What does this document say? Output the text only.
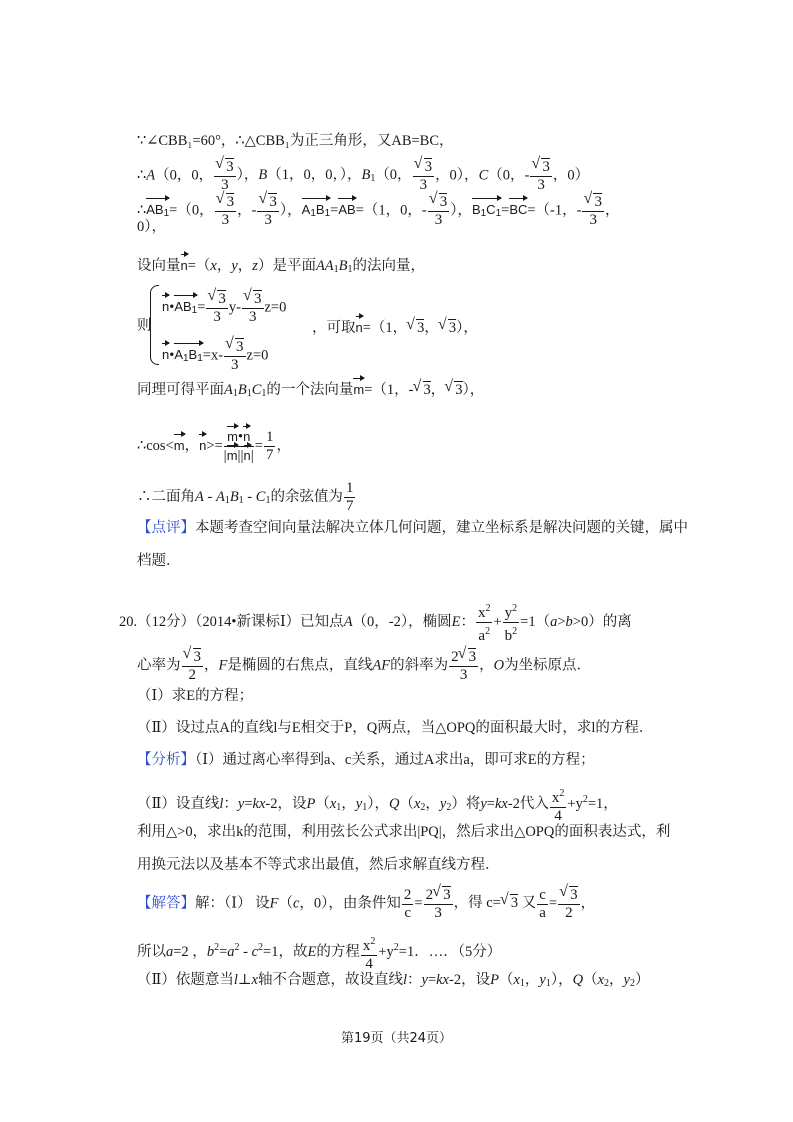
∵∠CBB₁=60°，∴△CBB₁为正三角形，又AB=BC，
∴A（0，0， √ $\frac{3}{3}$ ），B（1，0，0，），$B_1(0$， √ $\frac{3}{3}$ ，0），C（0，- √ $\frac{3}{3}$ ，0）
$\therefore AB_1=(0$， √ $\frac{3}{3}$ ，- √ $\frac{3}{3}$ ），$A_1B_1=AB=(1$，0，- √ $\frac{3}{3}$ ），$B_1C_1=BC=(-1$，- √ $\frac{3}{3}$ ，
0），
设向量n=（x，y，z）是平面$AA_1B_1$的法向量，
则
$n•AB_1=$ √ $\frac{3}{3} y-$ √ $\frac{3}{3} z=0$
$n•A_1B_1=x-$ √ $\frac{3}{3} z=0$
，可取n=（1， √ 3， √ 3），
同理可得平面$A_1B_1C_1$的一个法向量m=（1，- √ 3， √ 3），
∴cos<m，$n>= \frac{m•n}{|m||n|} = \frac{1}{7}$ ，
∴二面角A - $A_1B_1 - C_1$的余弦值为 $\frac{1}{7}$
【点评】本题考查空间向量法解决立体几何问题，建立坐标系是解决问题的关键，属中
档题．
20.（12分）（2014•新课标Ⅰ）已知点A（0，-2），椭圆E： $\frac{x^2}{a^2} + \frac{y^2}{b^2} =1(a>b>0)$的离
心率为 √ $\frac{3}{2}$ ，F是椭圆的右焦点，直线AF的斜率为 $\frac{2 √ 3}{3}$ ，O为坐标原点．
（Ⅰ）求E的方程；
（Ⅱ）设过点A的直线l与E相交于P，Q两点，当△OPQ的面积最大时，求l的方程．
【分析】（Ⅰ）通过离心率得到a、c关系，通过A求出a，即可求E的方程；
（Ⅱ）设直线l：y=kx-2，设$P(x_1$，$y_1$），$Q(x_2$，$y_2$）将y=kx-2代入 $\frac{x^2}{4} +y^2=1$，
利用△>0，求出k的范围，利用弦长公式求出|PQ|，然后求出△OPQ的面积表达式，利
用换元法以及基本不等式求出最值，然后求解直线方程．
【解答】解：（Ⅰ） 设F（c，0），由条件知 $\frac{2}{c} = \frac{2 √ 3}{3}$ ，得 c= √ 3 又 $\frac{c}{a}$ = √ $\frac{3}{2}$ ，
所以a=2 ，$b^2=a^2 - c^2=1$，故E的方程 $\frac{x^2}{4} +y^2=1$．…．（5分）
（Ⅱ）依题意当l⊥x轴不合题意，故设直线l：y=kx-2，设$P(x_1$，$y_1$），$Q(x_2$，$y_2$）
第19页（共24页）
